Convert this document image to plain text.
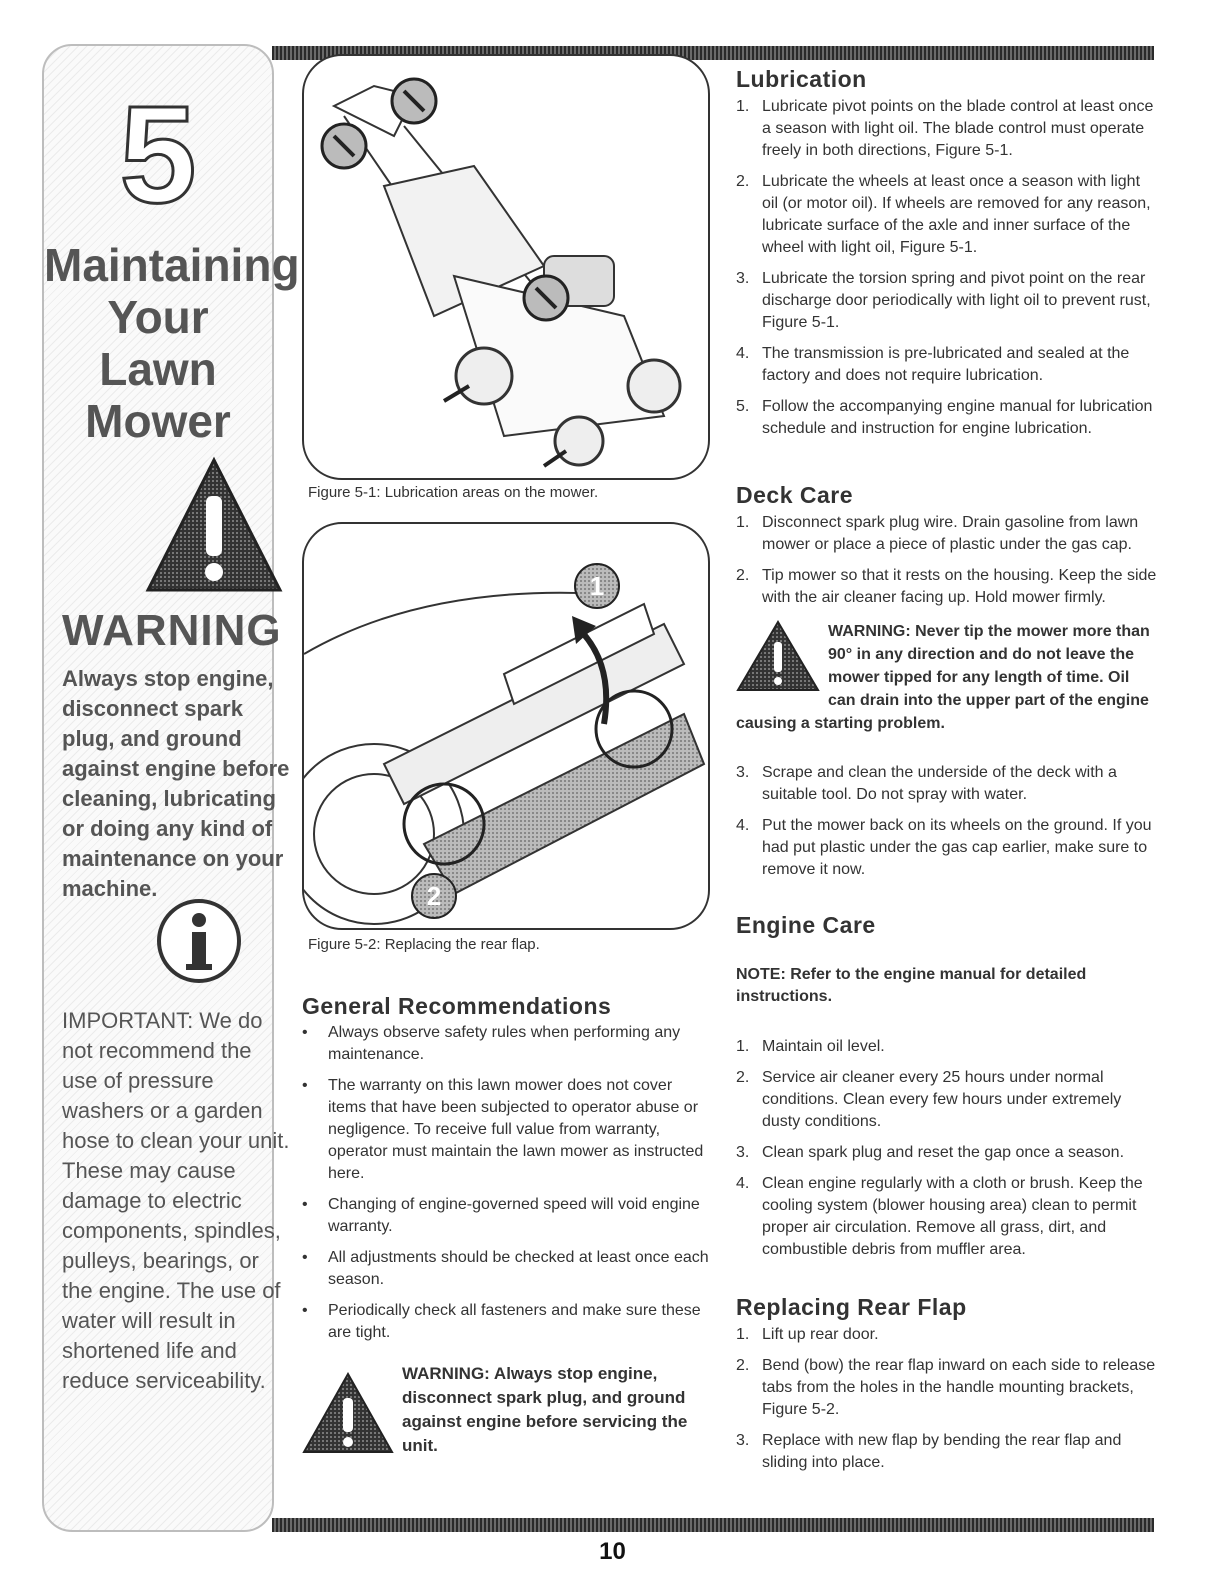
5
Maintaining
Your Lawn
Mower
WARNING
Always stop engine, disconnect spark plug, and ground against engine before cleaning, lubricating or doing any kind of maintenance on your machine.
IMPORTANT: We do not recommend the use of pressure washers or a garden hose to clean your unit. These may cause damage to electric components, spindles, pulleys, bearings, or the engine. The use of water will result in shortened life and reduce serviceability.
Figure 5-1: Lubrication areas on the mower.
1
2
Figure 5-2: Replacing the rear flap.
General Recommendations
• Always observe safety rules when performing any maintenance.
• The warranty on this lawn mower does not cover items that have been subjected to operator abuse or negligence. To receive full value from warranty, operator must maintain the lawn mower as instructed here.
• Changing of engine-governed speed will void engine warranty.
• All adjustments should be checked at least once each season.
• Periodically check all fasteners and make sure these are tight.
WARNING: Always stop engine, disconnect spark plug, and ground against engine before servicing the unit.
Lubrication
1. Lubricate pivot points on the blade control at least once a season with light oil. The blade control must operate freely in both directions, Figure 5-1.
2. Lubricate the wheels at least once a season with light oil (or motor oil). If wheels are removed for any reason, lubricate surface of the axle and inner surface of the wheel with light oil, Figure 5-1.
3. Lubricate the torsion spring and pivot point on the rear discharge door periodically with light oil to prevent rust, Figure 5-1.
4. The transmission is pre-lubricated and sealed at the factory and does not require lubrication.
5. Follow the accompanying engine manual for lubrication schedule and instruction for engine lubrication.
Deck Care
1. Disconnect spark plug wire. Drain gasoline from lawn mower or place a piece of plastic under the gas cap.
2. Tip mower so that it rests on the housing. Keep the side with the air cleaner facing up. Hold mower firmly.
WARNING: Never tip the mower more than 90° in any direction and do not leave the mower tipped for any length of time. Oil can drain into the upper part of the engine causing a starting problem.
3. Scrape and clean the underside of the deck with a suitable tool. Do not spray with water.
4. Put the mower back on its wheels on the ground. If you had put plastic under the gas cap earlier, make sure to remove it now.
Engine Care
NOTE: Refer to the engine manual for detailed instructions.
1. Maintain oil level.
2. Service air cleaner every 25 hours under normal conditions. Clean every few hours under extremely dusty conditions.
3. Clean spark plug and reset the gap once a season.
4. Clean engine regularly with a cloth or brush. Keep the cooling system (blower housing area) clean to permit proper air circulation. Remove all grass, dirt, and combustible debris from muffler area.
Replacing Rear Flap
1. Lift up rear door.
2. Bend (bow) the rear flap inward on each side to release tabs from the holes in the handle mounting brackets, Figure 5-2.
3. Replace with new flap by bending the rear flap and sliding into place.
10
